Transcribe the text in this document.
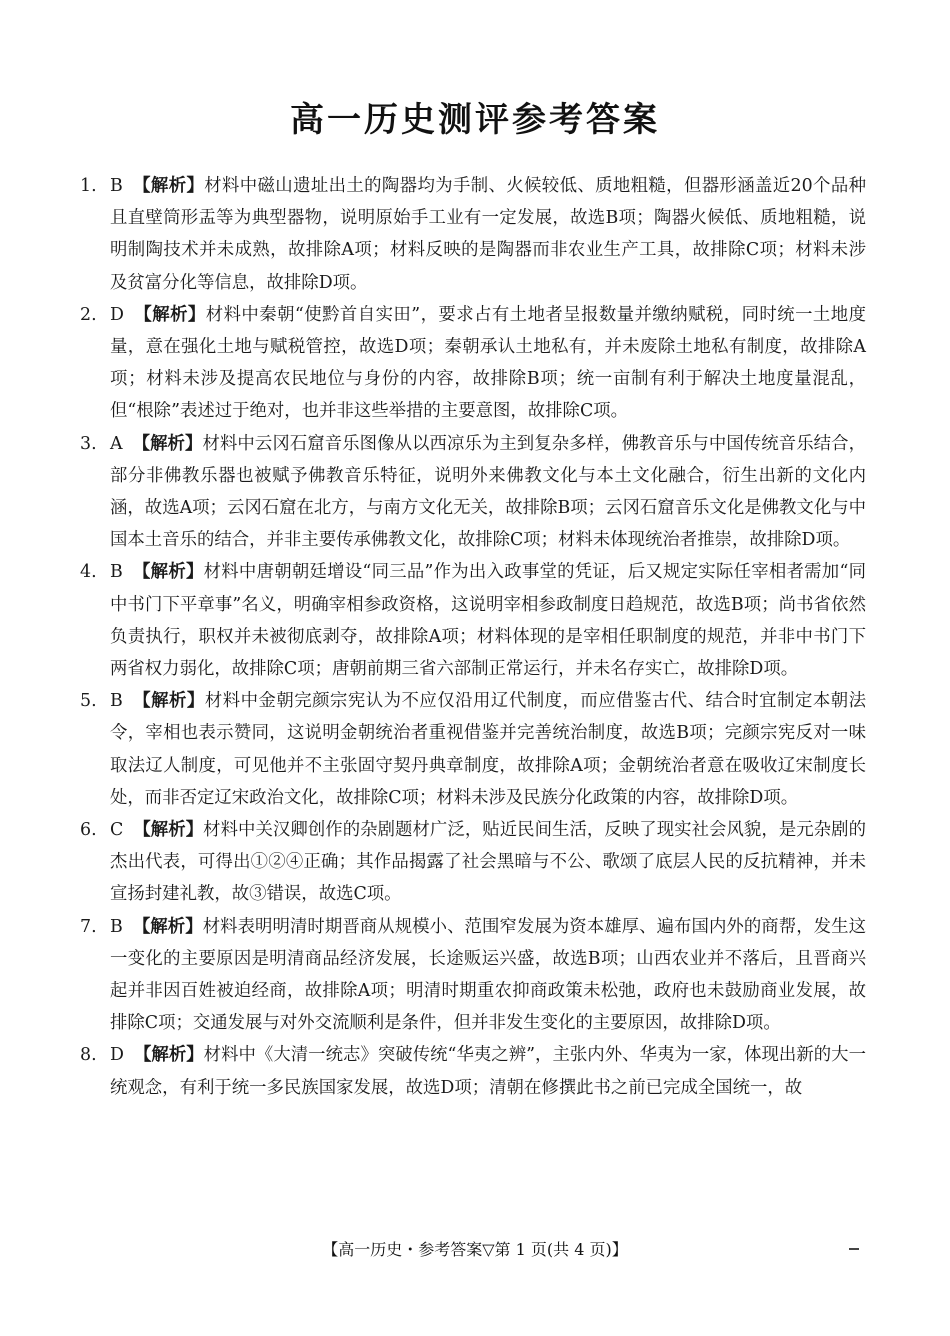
高一历史测评参考答案
1. B 【解析】材料中磁山遗址出土的陶器均为手制、火候较低、质地粗糙，但器形涵盖近20个品种且直壁筒形盂等为典型器物，说明原始手工业有一定发展，故选B项；陶器火候低、质地粗糙，说明制陶技术并未成熟，故排除A项；材料反映的是陶器而非农业生产工具，故排除C项；材料未涉及贫富分化等信息，故排除D项。
2. D 【解析】材料中秦朝“使黔首自实田”，要求占有土地者呈报数量并缴纳赋税，同时统一土地度量，意在强化土地与赋税管控，故选D项；秦朝承认土地私有，并未废除土地私有制度，故排除A项；材料未涉及提高农民地位与身份的内容，故排除B项；统一亩制有利于解决土地度量混乱，但“根除”表述过于绝对，也并非这些举措的主要意图，故排除C项。
3. A 【解析】材料中云冈石窟音乐图像从以西凉乐为主到复杂多样，佛教音乐与中国传统音乐结合，部分非佛教乐器也被赋予佛教音乐特征，说明外来佛教文化与本土文化融合，衍生出新的文化内涵，故选A项；云冈石窟在北方，与南方文化无关，故排除B项；云冈石窟音乐文化是佛教文化与中国本土音乐的结合，并非主要传承佛教文化，故排除C项；材料未体现统治者推崇，故排除D项。
4. B 【解析】材料中唐朝朝廷增设“同三品”作为出入政事堂的凭证，后又规定实际任宰相者需加“同中书门下平章事”名义，明确宰相参政资格，这说明宰相参政制度日趋规范，故选B项；尚书省依然负责执行，职权并未被彻底剥夺，故排除A项；材料体现的是宰相任职制度的规范，并非中书门下两省权力弱化，故排除C项；唐朝前期三省六部制正常运行，并未名存实亡，故排除D项。
5. B 【解析】材料中金朝完颜宗宪认为不应仅沿用辽代制度，而应借鉴古代、结合时宜制定本朝法令，宰相也表示赞同，这说明金朝统治者重视借鉴并完善统治制度，故选B项；完颜宗宪反对一味取法辽人制度，可见他并不主张固守契丹典章制度，故排除A项；金朝统治者意在吸收辽宋制度长处，而非否定辽宋政治文化，故排除C项；材料未涉及民族分化政策的内容，故排除D项。
6. C 【解析】材料中关汉卿创作的杂剧题材广泛，贴近民间生活，反映了现实社会风貌，是元杂剧的杰出代表，可得出①②④正确；其作品揭露了社会黑暗与不公、歌颂了底层人民的反抗精神，并未宣扬封建礼教，故③错误，故选C项。
7. B 【解析】材料表明明清时期晋商从规模小、范围窄发展为资本雄厚、遍布国内外的商帮，发生这一变化的主要原因是明清商品经济发展，长途贩运兴盛，故选B项；山西农业并不落后，且晋商兴起并非因百姓被迫经商，故排除A项；明清时期重农抑商政策未松弛，政府也未鼓励商业发展，故排除C项；交通发展与对外交流顺利是条件，但并非发生变化的主要原因，故排除D项。
8. D 【解析】材料中《大清一统志》突破传统“华夷之辨”，主张内外、华夷为一家，体现出新的大一统观念，有利于统一多民族国家发展，故选D项；清朝在修撰此书之前已完成全国统一，故
【高一历史・参考答案▽第 1 页(共 4 页)】
